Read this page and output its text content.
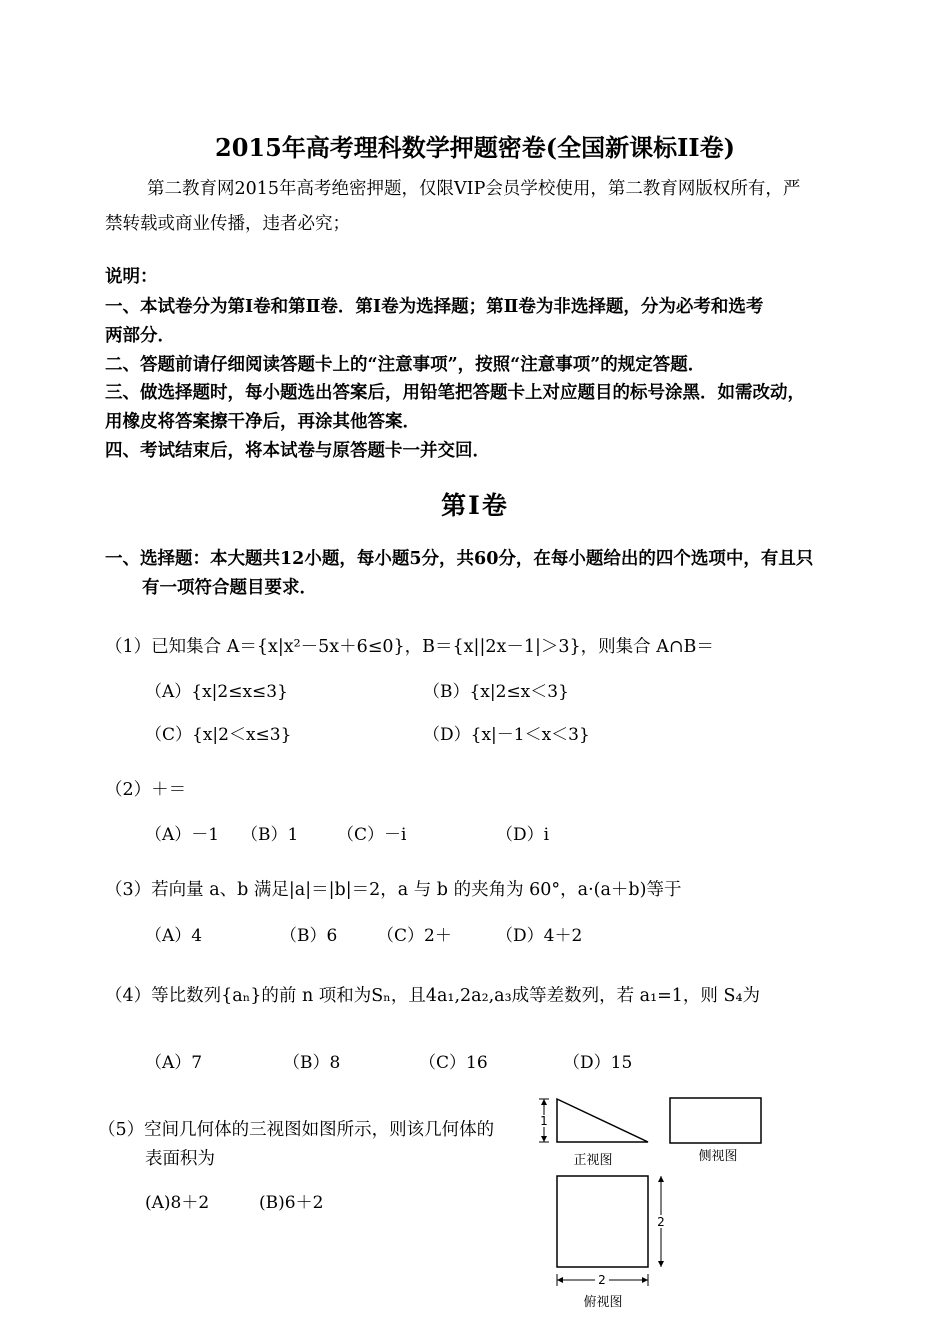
2015年高考理科数学押题密卷(全国新课标II卷)
第二教育网2015年高考绝密押题，仅限VIP会员学校使用，第二教育网版权所有，严
禁转载或商业传播，违者必究；
说明：
一、本试卷分为第Ⅰ卷和第Ⅱ卷．第Ⅰ卷为选择题；第Ⅱ卷为非选择题，分为必考和选考
两部分．
二、答题前请仔细阅读答题卡上的“注意事项”，按照“注意事项”的规定答题．
三、做选择题时，每小题选出答案后，用铅笔把答题卡上对应题目的标号涂黑．如需改动，
用橡皮将答案擦干净后，再涂其他答案．
四、考试结束后，将本试卷与原答题卡一并交回．
第Ⅰ卷
一、选择题：本大题共12小题，每小题5分，共60分，在每小题给出的四个选项中，有且只
有一项符合题目要求．
（1）已知集合 A＝{x|x²－5x＋6≤0}，B＝{x||2x－1|＞3}，则集合 A∩B＝
（A）{x|2≤x≤3}	（B）{x|2≤x＜3}
（C）{x|2＜x≤3}	（D）{x|－1＜x＜3}
（2）＋＝
（A）－1 （B）1 （C）－i	（D）i
（3）若向量 a、b 满足|a|＝|b|＝2，a 与 b 的夹角为 60°，a·(a＋b)等于
（A）4	（B）6 （C）2＋	（D）4＋2
（4）等比数列{aₙ}的前 n 项和为Sₙ，且4a₁,2a₂,a₃成等差数列，若 a₁=1，则 S₄为
（A）7	（B）8	（C）16	（D）15
（5）空间几何体的三视图如图所示，则该几何体的
表面积为
(A)8＋2	(B)6＋2
1
正视图	侧视图
2
2
俯视图
